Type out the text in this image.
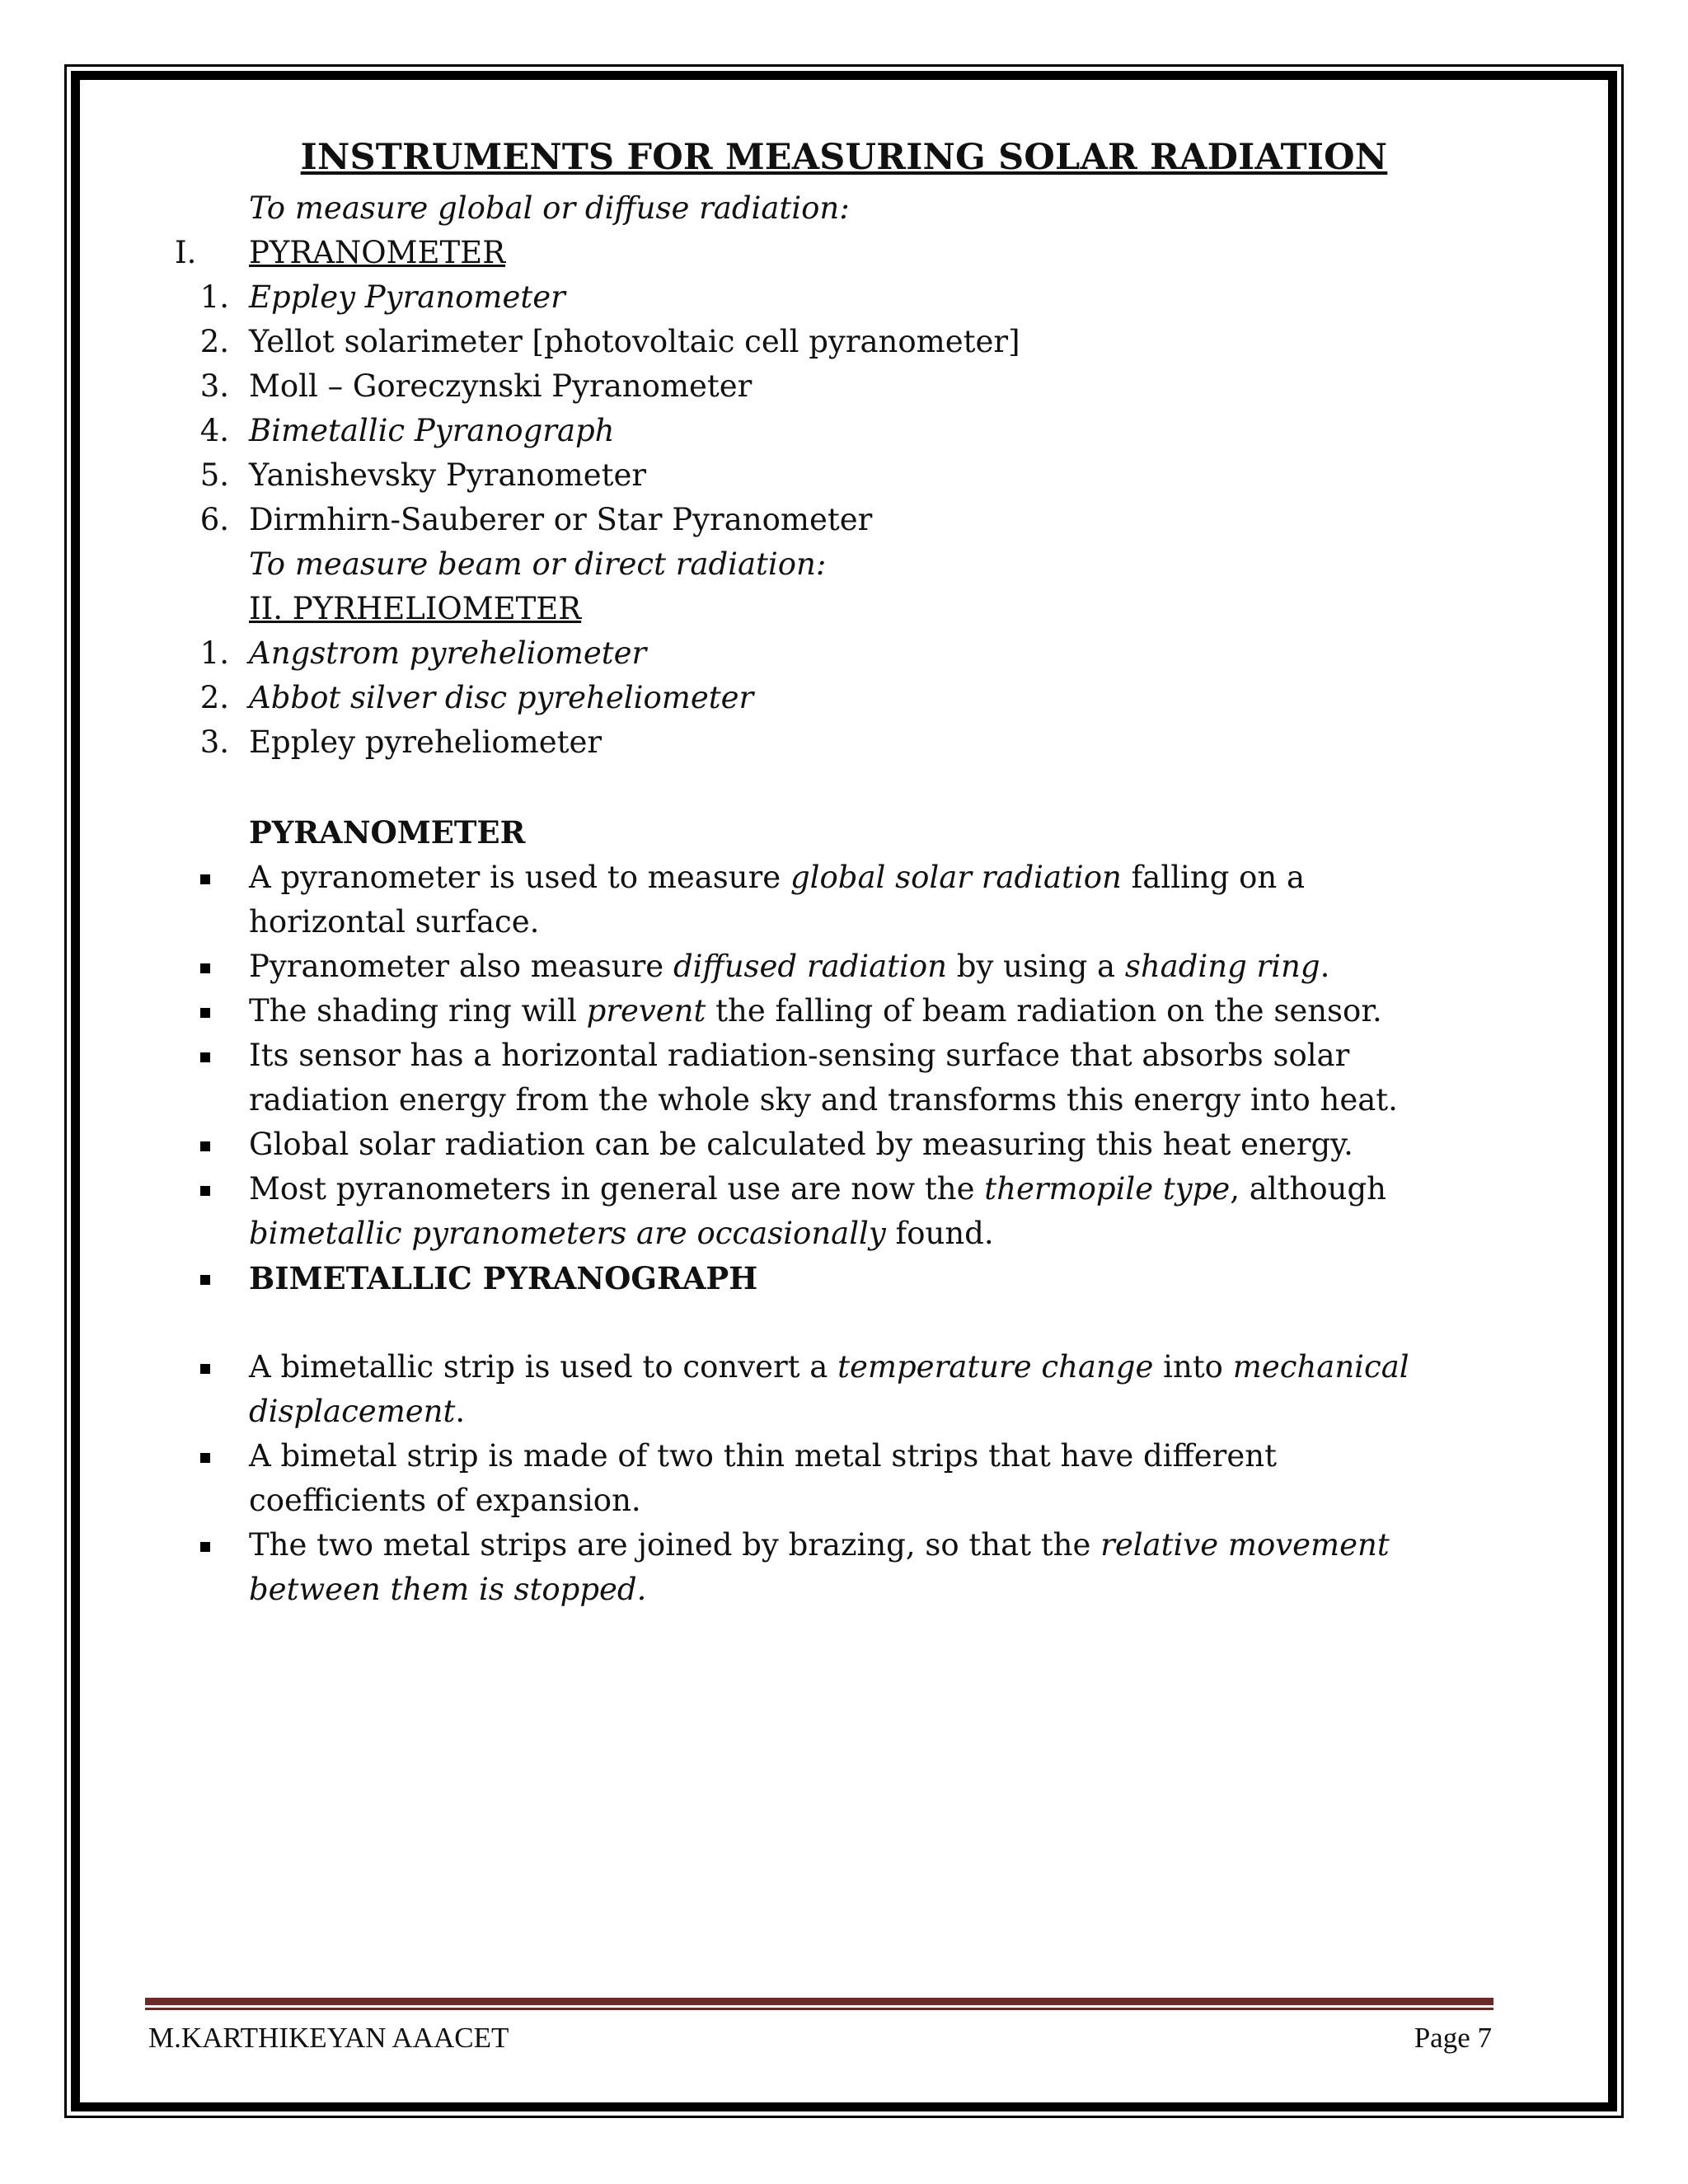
INSTRUMENTS FOR MEASURING SOLAR RADIATION
To measure global or diffuse radiation:
I. PYRANOMETER
1. Eppley Pyranometer
2. Yellot solarimeter [photovoltaic cell pyranometer]
3. Moll – Goreczynski Pyranometer
4. Bimetallic Pyranograph
5. Yanishevsky Pyranometer
6. Dirmhirn-Sauberer or Star Pyranometer
To measure beam or direct radiation:
II. PYRHELIOMETER
1. Angstrom pyreheliometer
2. Abbot silver disc pyreheliometer
3. Eppley pyreheliometer
PYRANOMETER
A pyranometer is used to measure global solar radiation falling on a
horizontal surface.
Pyranometer also measure diffused radiation by using a shading ring.
The shading ring will prevent the falling of beam radiation on the sensor.
Its sensor has a horizontal radiation-sensing surface that absorbs solar
radiation energy from the whole sky and transforms this energy into heat.
Global solar radiation can be calculated by measuring this heat energy.
Most pyranometers in general use are now the thermopile type, although
bimetallic pyranometers are occasionally found.
BIMETALLIC PYRANOGRAPH
A bimetallic strip is used to convert a temperature change into mechanical
displacement.
A bimetal strip is made of two thin metal strips that have different
coefficients of expansion.
The two metal strips are joined by brazing, so that the relative movement
between them is stopped.
M.KARTHIKEYAN AAACET	Page 7
